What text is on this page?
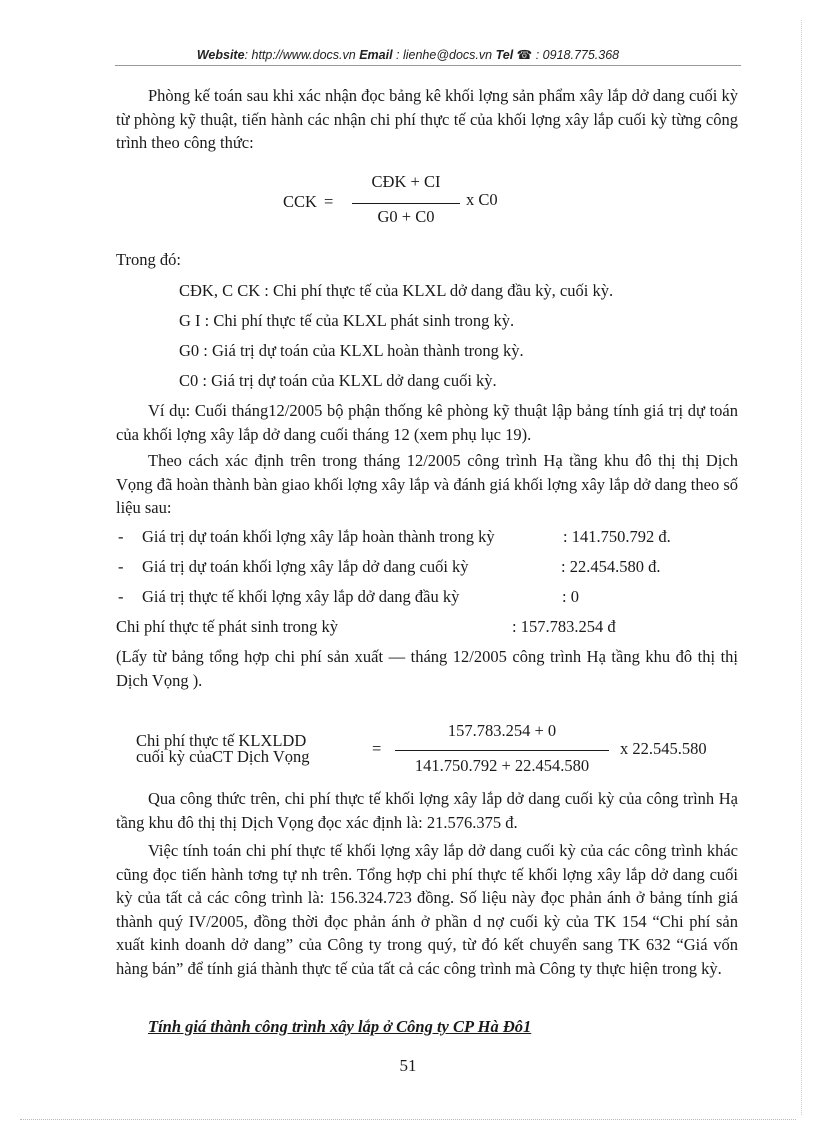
Website: http://www.docs.vn Email : lienhe@docs.vn Tel ☎ : 0918.775.368
Phòng kế toán sau khi xác nhận đọc bảng kê khối lợng sản phẩm xây lắp dở dang cuối kỳ từ phòng kỹ thuật, tiến hành các nhận chi phí thực tế của khối lợng xây lắp cuối kỳ từng công trình theo công thức:
CCK =
CĐK + CI
G0 + C0
x C0
Trong đó:
CĐK, C CK : Chi phí thực tế của KLXL dở dang đầu kỳ, cuối kỳ.
G I : Chi phí thực tế của KLXL phát sinh trong kỳ.
G0 : Giá trị dự toán của KLXL hoàn thành trong kỳ.
C0 : Giá trị dự toán của KLXL dở dang cuối kỳ.
Ví dụ: Cuối tháng12/2005 bộ phận thống kê phòng kỹ thuật lập bảng tính giá trị dự toán của khối lợng xây lắp dở dang cuối tháng 12 (xem phụ lục 19).
Theo cách xác định trên trong tháng 12/2005 công trình Hạ tầng khu đô thị thị Dịch Vọng đã hoàn thành bàn giao khối lợng xây lắp và đánh giá khối lợng xây lắp dở dang theo số liệu sau:
- Giá trị dự toán khối lợng xây lắp hoàn thành trong kỳ	: 141.750.792 đ.
- Giá trị dự toán khối lợng xây lắp dở dang cuối kỳ	: 22.454.580 đ.
- Giá trị thực tế khối lợng xây lắp dở dang đầu kỳ	: 0
Chi phí thực tế phát sinh trong kỳ	: 157.783.254 đ
(Lấy từ bảng tổng hợp chi phí sản xuất — tháng 12/2005 công trình Hạ tầng khu đô thị thị Dịch Vọng ).
Chi phí thực tế KLXLDD
cuối kỳ củaCT Dịch Vọng	=
157.783.254 + 0
141.750.792 + 22.454.580
x 22.545.580
Qua công thức trên, chi phí thực tế khối lợng xây lắp dở dang cuối kỳ của công trình Hạ tầng khu đô thị thị Dịch Vọng đọc xác định là: 21.576.375 đ.
Việc tính toán chi phí thực tế khối lợng xây lắp dở dang cuối kỳ của các công trình khác cũng đọc tiến hành tơng tự nh trên. Tổng hợp chi phí thực tế khối lợng xây lắp dở dang cuối kỳ của tất cả các công trình là: 156.324.723 đồng. Số liệu này đọc phản ánh ở bảng tính giá thành quý IV/2005, đồng thời đọc phản ánh ở phần d nợ cuối kỳ của TK 154 “Chi phí sản xuất kinh doanh dở dang” của Công ty trong quý, từ đó kết chuyển sang TK 632 “Giá vốn hàng bán” để tính giá thành thực tế của tất cả các công trình mà Công ty thực hiện trong kỳ.
Tính giá thành công trình xây lắp ở Công ty CP Hà Đô1
51
